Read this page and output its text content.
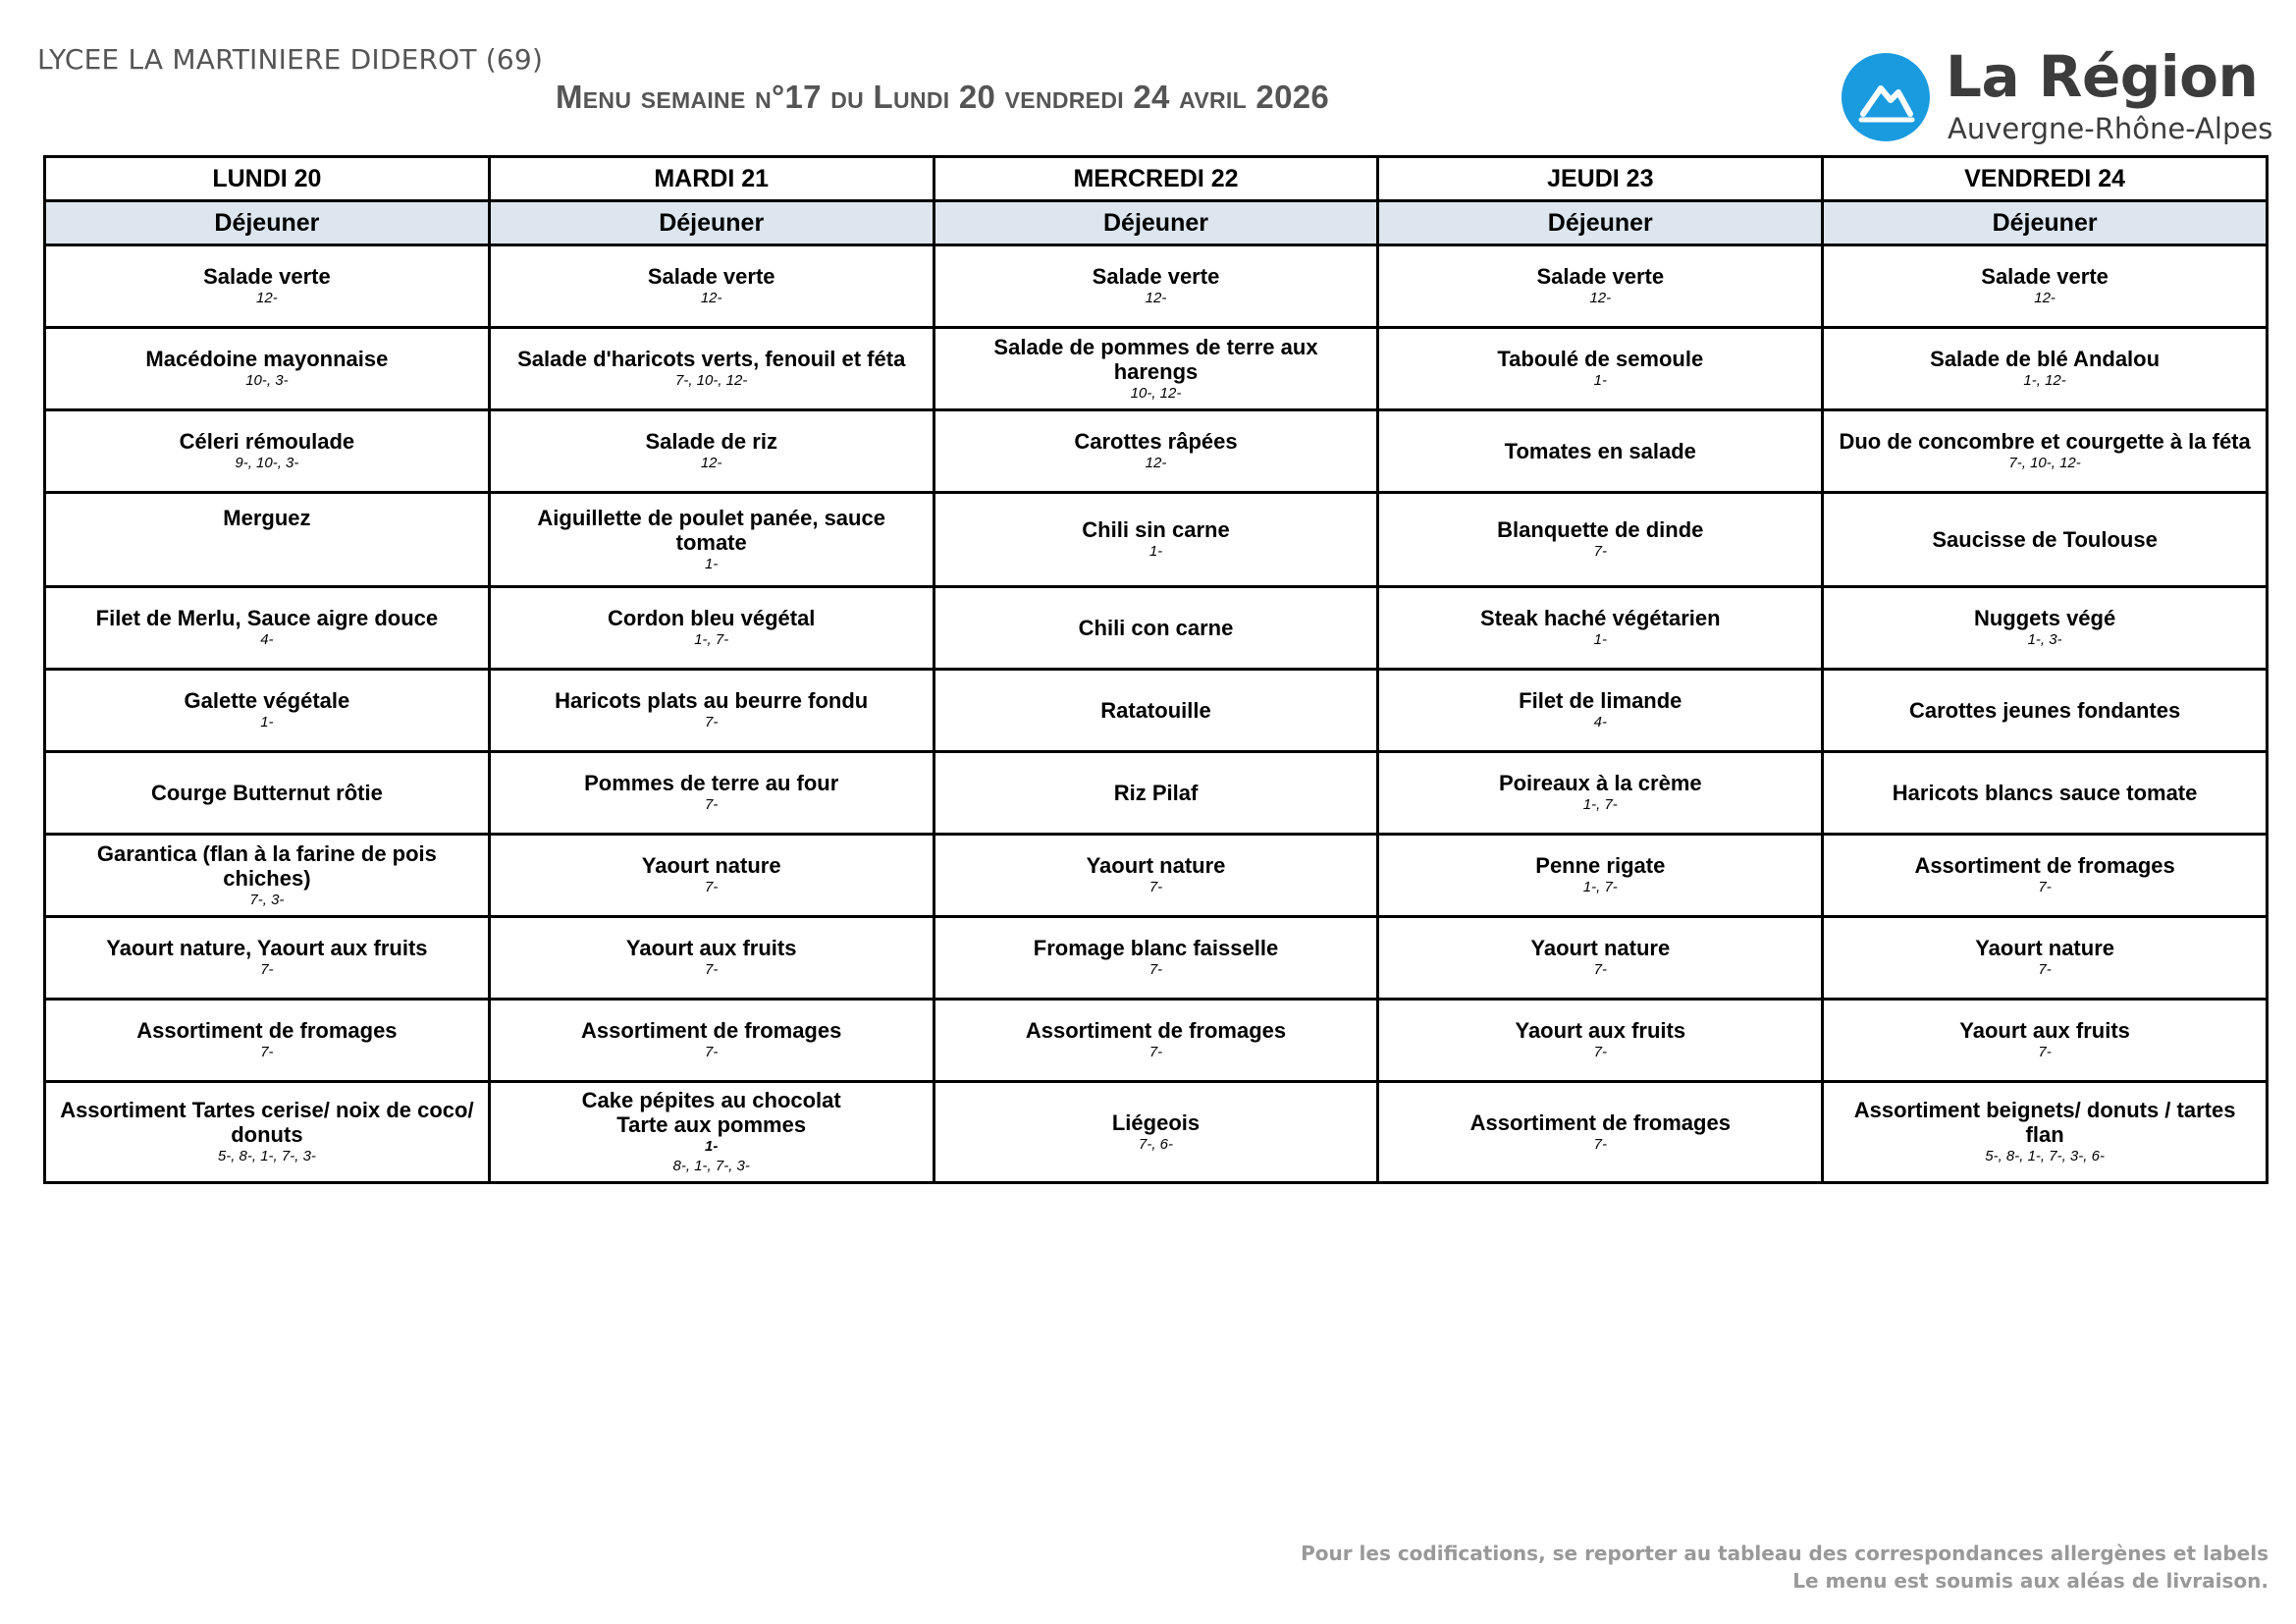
LYCEE LA MARTINIERE DIDEROT (69)
Menu semaine n°17 du Lundi 20 vendredi 24 avril 2026	La Région
Auvergne-Rhône-Alpes
LUNDI 20	MARDI 21	MERCREDI 22	JEUDI 23	VENDREDI 24
Déjeuner	Déjeuner	Déjeuner	Déjeuner	Déjeuner

Salade verte
12-	Salade verte
12-	Salade verte
12-	Salade verte
12-	Salade verte
12-

Macédoine mayonnaise
10-, 3-	Salade d'haricots verts, fenouil et féta
7-, 10-, 12-	Salade de pommes de terre aux harengs
10-, 12-	Taboulé de semoule
1-	Salade de blé Andalou
1-, 12-

Céleri rémoulade
9-, 10-, 3-	Salade de riz
12-	Carottes râpées
12-	Tomates en salade	Duo de concombre et courgette à la féta
7-, 10-, 12-

Merguez	Aiguillette de poulet panée, sauce tomate
1-	Chili sin carne
1-	Blanquette de dinde
7-	Saucisse de Toulouse

Filet de Merlu, Sauce aigre douce
4-	Cordon bleu végétal
1-, 7-	Chili con carne	Steak haché végétarien
1-	Nuggets végé
1-, 3-

Galette végétale
1-	Haricots plats au beurre fondu
7-	Ratatouille	Filet de limande
4-	Carottes jeunes fondantes

Courge Butternut rôtie	Pommes de terre au four
7-	Riz Pilaf	Poireaux à la crème
1-, 7-	Haricots blancs sauce tomate

Garantica (flan à la farine de pois chiches)
7-, 3-	Yaourt nature
7-	Yaourt nature
7-	Penne rigate
1-, 7-	Assortiment de fromages
7-

Yaourt nature, Yaourt aux fruits
7-	Yaourt aux fruits
7-	Fromage blanc faisselle
7-	Yaourt nature
7-	Yaourt nature
7-

Assortiment de fromages
7-	Assortiment de fromages
7-	Assortiment de fromages
7-	Yaourt aux fruits
7-	Yaourt aux fruits
7-

Assortiment Tartes cerise/ noix de coco/ donuts
5-, 8-, 1-, 7-, 3-	Cake pépites au chocolat
Tarte aux pommes
1-
8-, 1-, 7-, 3-	Liégeois
7-, 6-	Assortiment de fromages
7-	Assortiment beignets/ donuts / tartes flan
5-, 8-, 1-, 7-, 3-, 6-
Pour les codifications, se reporter au tableau des correspondances allergènes et labels
Le menu est soumis aux aléas de livraison.
